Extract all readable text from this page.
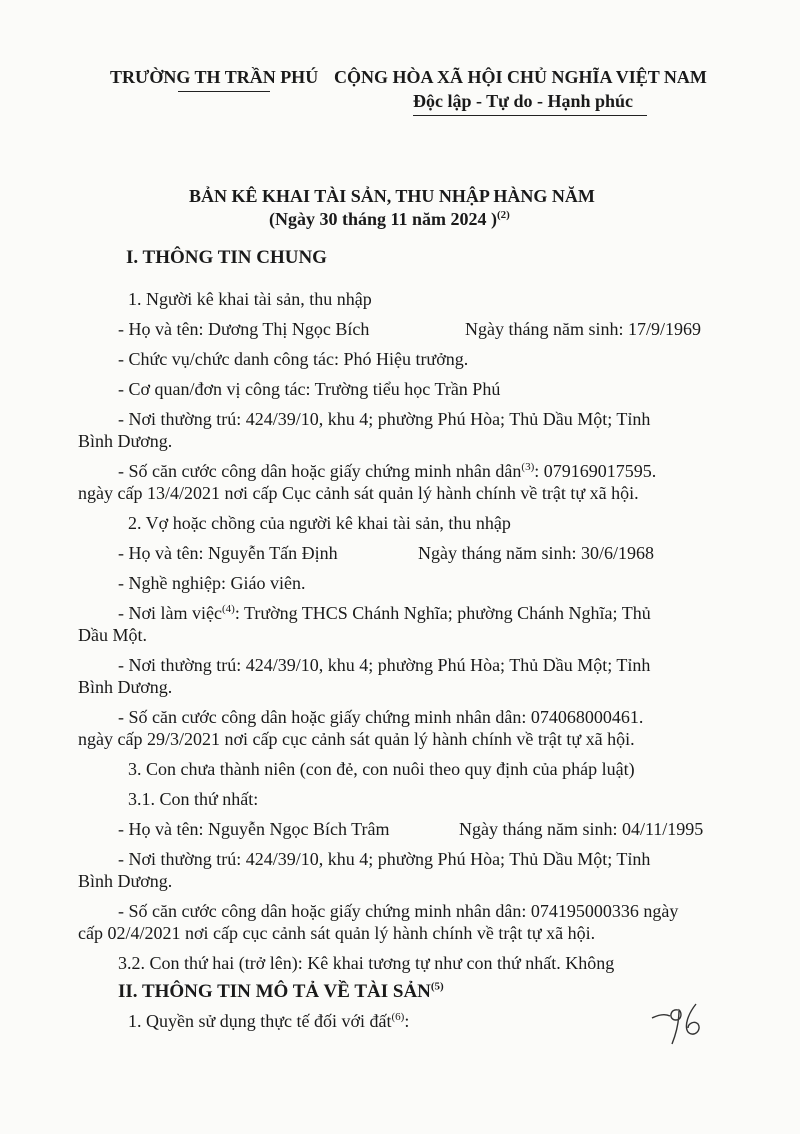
TRƯỜNG TH TRẦN PHÚ CỘNG HÒA XÃ HỘI CHỦ NGHĨA VIỆT NAM
Độc lập - Tự do - Hạnh phúc
BẢN KÊ KHAI TÀI SẢN, THU NHẬP HÀNG NĂM
(Ngày 30 tháng 11 năm 2024 )$^{(2)}$
I. THÔNG TIN CHUNG
1. Người kê khai tài sản, thu nhập
- Họ và tên: Dương Thị Ngọc Bích	Ngày tháng năm sinh: 17/9/1969
- Chức vụ/chức danh công tác: Phó Hiệu trưởng.
- Cơ quan/đơn vị công tác: Trường tiểu học Trần Phú
- Nơi thường trú: 424/39/10, khu 4; phường Phú Hòa; Thủ Dầu Một; Tỉnh
Bình Dương.
- Số căn cước công dân hoặc giấy chứng minh nhân dân$^{(3)}$: 079169017595.
ngày cấp 13/4/2021 nơi cấp Cục cảnh sát quản lý hành chính về trật tự xã hội.
2. Vợ hoặc chồng của người kê khai tài sản, thu nhập
- Họ và tên: Nguyễn Tấn Định	Ngày tháng năm sinh: 30/6/1968
- Nghề nghiệp: Giáo viên.
- Nơi làm việc$^{(4)}$: Trường THCS Chánh Nghĩa; phường Chánh Nghĩa; Thủ
Dầu Một.
- Nơi thường trú: 424/39/10, khu 4; phường Phú Hòa; Thủ Dầu Một; Tỉnh
Bình Dương.
- Số căn cước công dân hoặc giấy chứng minh nhân dân: 074068000461.
ngày cấp 29/3/2021 nơi cấp cục cảnh sát quản lý hành chính về trật tự xã hội.
3. Con chưa thành niên (con đẻ, con nuôi theo quy định của pháp luật)
3.1. Con thứ nhất:
- Họ và tên: Nguyễn Ngọc Bích Trâm	Ngày tháng năm sinh: 04/11/1995
- Nơi thường trú: 424/39/10, khu 4; phường Phú Hòa; Thủ Dầu Một; Tỉnh
Bình Dương.
- Số căn cước công dân hoặc giấy chứng minh nhân dân: 074195000336 ngày
cấp 02/4/2021 nơi cấp cục cảnh sát quản lý hành chính về trật tự xã hội.
3.2. Con thứ hai (trở lên): Kê khai tương tự như con thứ nhất. Không
II. THÔNG TIN MÔ TẢ VỀ TÀI SẢN$^{(5)}$
1. Quyền sử dụng thực tế đối với đất$^{(6)}$:
